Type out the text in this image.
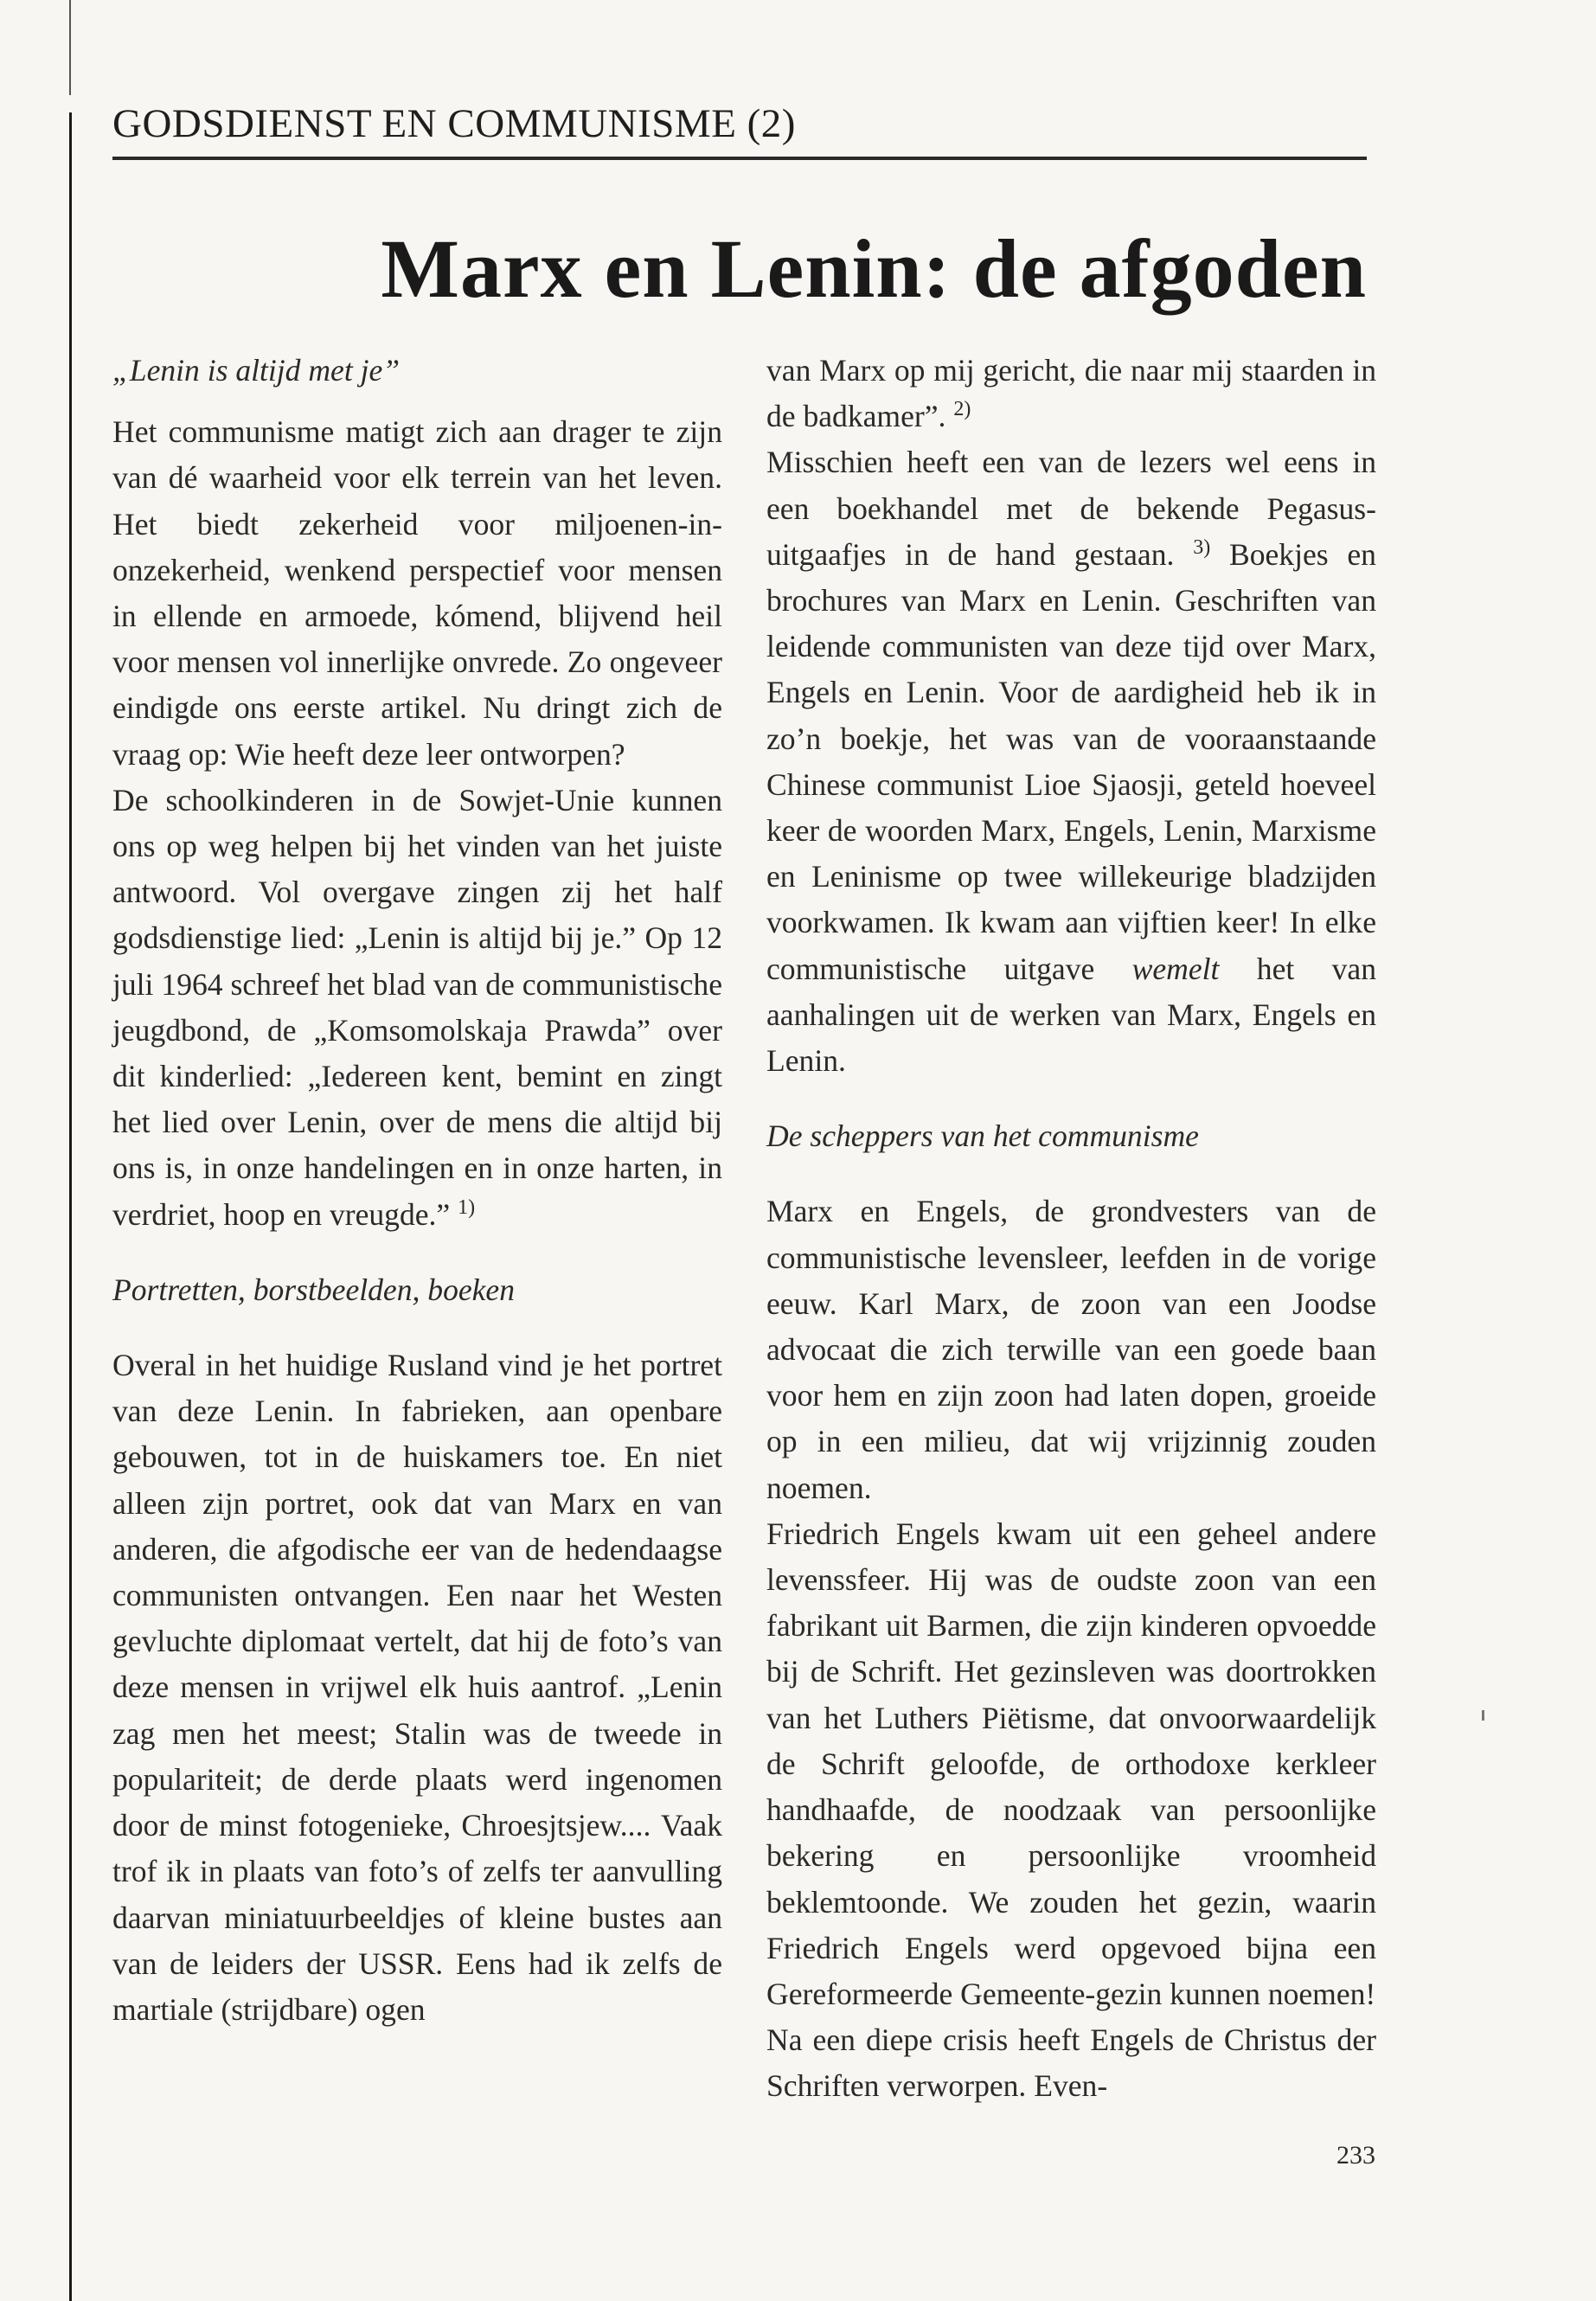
GODSDIENST EN COMMUNISME (2)
Marx en Lenin: de afgoden

„Lenin is altijd met je”

Het communisme matigt zich aan drager te zijn van dé waarheid voor elk terrein van het leven. Het biedt zekerheid voor miljoenen-in-onzekerheid, wenkend perspectief voor mensen in ellende en armoede, kómend, blijvend heil voor mensen vol innerlijke onvrede. Zo ongeveer eindigde ons eerste artikel. Nu dringt zich de vraag op: Wie heeft deze leer ontworpen?

De schoolkinderen in de Sowjet-Unie kunnen ons op weg helpen bij het vinden van het juiste antwoord. Vol overgave zingen zij het half godsdienstige lied: „Lenin is altijd bij je.” Op 12 juli 1964 schreef het blad van de communistische jeugdbond, de „Komsomolskaja Prawda” over dit kinderlied: „Iedereen kent, bemint en zingt het lied over Lenin, over de mens die altijd bij ons is, in onze handelingen en in onze harten, in verdriet, hoop en vreugde.” $^{1)}$

Portretten, borstbeelden, boeken

Overal in het huidige Rusland vind je het portret van deze Lenin. In fabrieken, aan openbare gebouwen, tot in de huiskamers toe. En niet alleen zijn portret, ook dat van Marx en van anderen, die afgodische eer van de hedendaagse communisten ontvangen. Een naar het Westen gevluchte diplomaat vertelt, dat hij de foto’s van deze mensen in vrijwel elk huis aantrof. „Lenin zag men het meest; Stalin was de tweede in populariteit; de derde plaats werd ingenomen door de minst fotogenieke, Chroesjtsjew.... Vaak trof ik in plaats van foto’s of zelfs ter aanvulling daarvan miniatuurbeeldjes of kleine bustes aan van de leiders der USSR. Eens had ik zelfs de martiale (strijdbare) ogen

van Marx op mij gericht, die naar mij staarden in de badkamer”. $^{2)}$

Misschien heeft een van de lezers wel eens in een boekhandel met de bekende Pegasus-uitgaafjes in de hand gestaan. $^{3)}$ Boekjes en brochures van Marx en Lenin. Geschriften van leidende communisten van deze tijd over Marx, Engels en Lenin. Voor de aardigheid heb ik in zo’n boekje, het was van de vooraanstaande Chinese communist Lioe Sjaosji, geteld hoeveel keer de woorden Marx, Engels, Lenin, Marxisme en Leninisme op twee willekeurige bladzijden voorkwamen. Ik kwam aan vijftien keer! In elke communistische uitgave wemelt het van aanhalingen uit de werken van Marx, Engels en Lenin.

De scheppers van het communisme

Marx en Engels, de grondvesters van de communistische levensleer, leefden in de vorige eeuw. Karl Marx, de zoon van een Joodse advocaat die zich terwille van een goede baan voor hem en zijn zoon had laten dopen, groeide op in een milieu, dat wij vrijzinnig zouden noemen.

Friedrich Engels kwam uit een geheel andere levenssfeer. Hij was de oudste zoon van een fabrikant uit Barmen, die zijn kinderen opvoedde bij de Schrift. Het gezinsleven was doortrokken van het Luthers Piëtisme, dat onvoorwaardelijk de Schrift geloofde, de orthodoxe kerkleer handhaafde, de noodzaak van persoonlijke bekering en persoonlijke vroomheid beklemtoonde. We zouden het gezin, waarin Friedrich Engels werd opgevoed bijna een Gereformeerde Gemeente-gezin kunnen noemen!

Na een diepe crisis heeft Engels de Christus der Schriften verworpen. Even-

233
